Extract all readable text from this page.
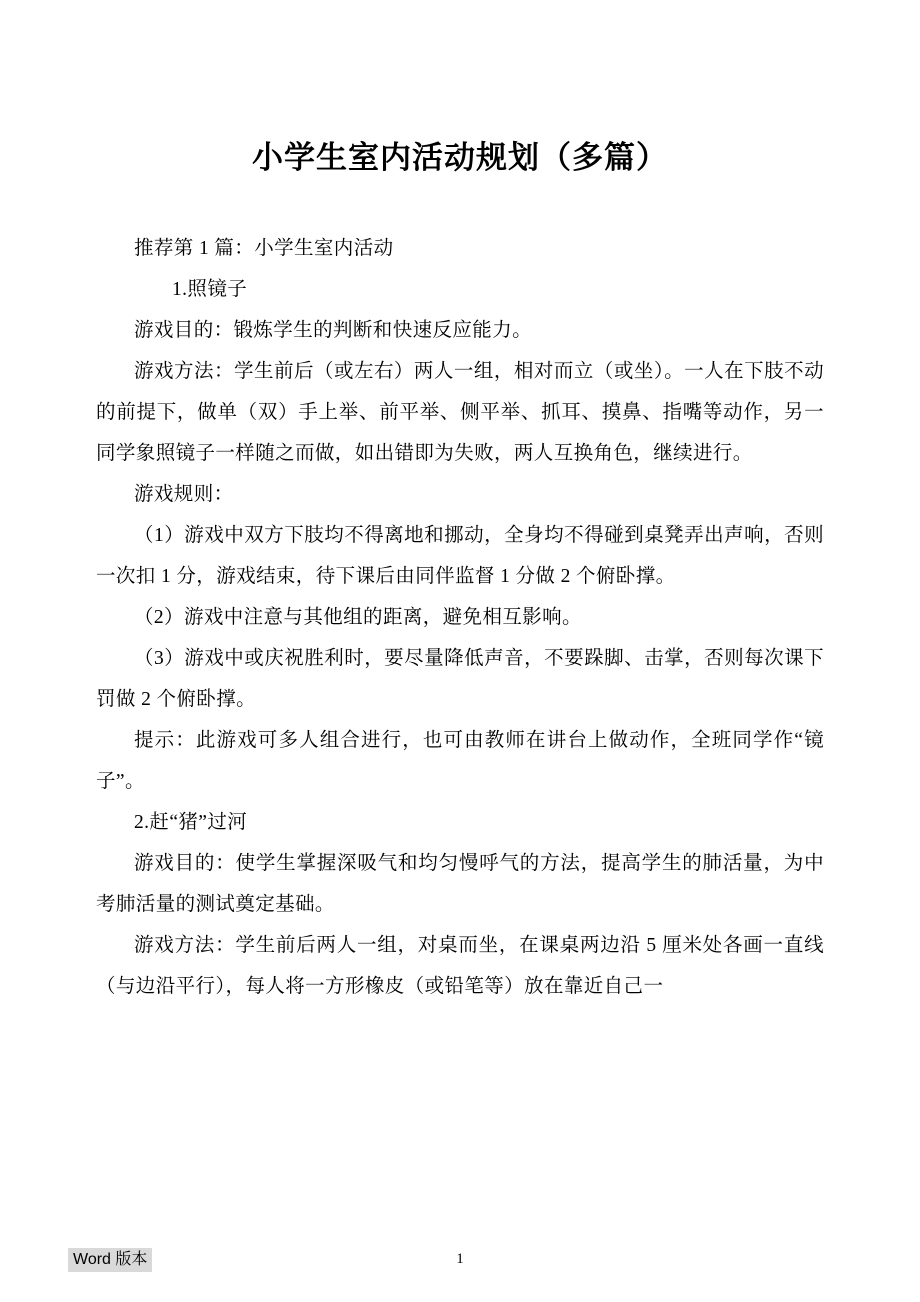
小学生室内活动规划（多篇）

推荐第 1 篇：小学生室内活动

1.照镜子

游戏目的：锻炼学生的判断和快速反应能力。

游戏方法：学生前后（或左右）两人一组，相对而立（或坐）。一人在下肢不动的前提下，做单（双）手上举、前平举、侧平举、抓耳、摸鼻、指嘴等动作，另一同学象照镜子一样随之而做，如出错即为失败，两人互换角色，继续进行。

游戏规则：

（1）游戏中双方下肢均不得离地和挪动，全身均不得碰到桌凳弄出声响，否则一次扣 1 分，游戏结束，待下课后由同伴监督 1 分做 2 个俯卧撑。

（2）游戏中注意与其他组的距离，避免相互影响。

（3）游戏中或庆祝胜利时，要尽量降低声音，不要跺脚、击掌，否则每次课下罚做 2 个俯卧撑。

提示：此游戏可多人组合进行，也可由教师在讲台上做动作，全班同学作“镜子”。

2.赶“猪”过河

游戏目的：使学生掌握深吸气和均匀慢呼气的方法，提高学生的肺活量，为中考肺活量的测试奠定基础。

游戏方法：学生前后两人一组，对桌而坐，在课桌两边沿 5 厘米处各画一直线（与边沿平行），每人将一方形橡皮（或铅笔等）放在靠近自己一

Word 版本	1
